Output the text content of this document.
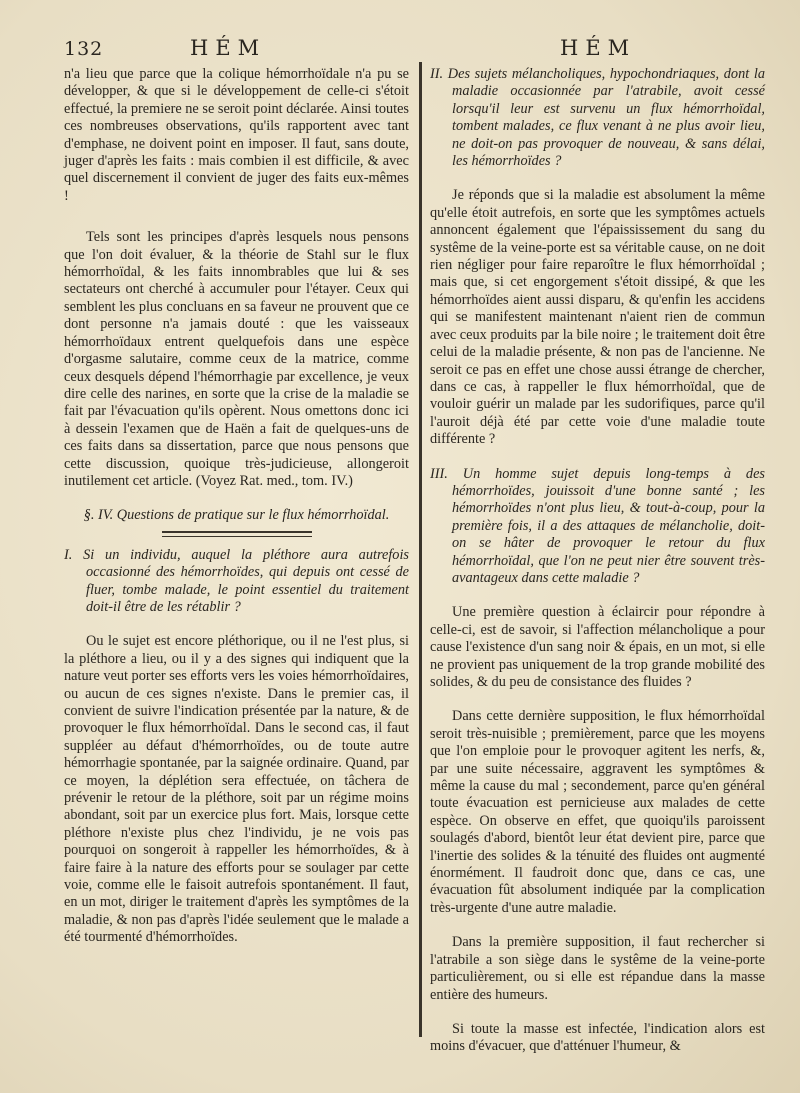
132	HÉM	HÉM

n'a lieu que parce que la colique hémorrhoïdale n'a pu se développer, & que si le développement de celle-ci s'étoit effectué, la premiere ne se seroit point déclarée. Ainsi toutes ces nombreuses observations, qu'ils rapportent avec tant d'emphase, ne doivent point en imposer. Il faut, sans doute, juger d'après les faits : mais combien il est difficile, & avec quel discernement il convient de juger des faits eux-mêmes !

Tels sont les principes d'après lesquels nous pensons que l'on doit évaluer, & la théorie de Stahl sur le flux hémorrhoïdal, & les faits innombrables que lui & ses sectateurs ont cherché à accumuler pour l'étayer. Ceux qui semblent les plus concluans en sa faveur ne prouvent que ce dont personne n'a jamais douté : que les vaisseaux hémorrhoïdaux entrent quelquefois dans une espèce d'orgasme salutaire, comme ceux de la matrice, comme ceux desquels dépend l'hémorrhagie par excellence, je veux dire celle des narines, en sorte que la crise de la maladie se fait par l'évacuation qu'ils opèrent. Nous omettons donc ici à dessein l'examen que de Haën a fait de quelques-uns de ces faits dans sa dissertation, parce que nous pensons que cette discussion, quoique très-judicieuse, allongeroit inutilement cet article. (Voyez Rat. med., tom. IV.)

§. IV. Questions de pratique sur le flux hémorrhoïdal.

I. Si un individu, auquel la pléthore aura autrefois occasionné des hémorrhoïdes, qui depuis ont cessé de fluer, tombe malade, le point essentiel du traitement doit-il être de les rétablir ?

Ou le sujet est encore pléthorique, ou il ne l'est plus, si la pléthore a lieu, ou il y a des signes qui indiquent que la nature veut porter ses efforts vers les voies hémorrhoïdaires, ou aucun de ces signes n'existe. Dans le premier cas, il convient de suivre l'indication présentée par la nature, & de provoquer le flux hémorrhoïdal. Dans le second cas, il faut suppléer au défaut d'hémorrhoïdes, ou de toute autre hémorrhagie spontanée, par la saignée ordinaire. Quand, par ce moyen, la déplétion sera effectuée, on tâchera de prévenir le retour de la pléthore, soit par un régime moins abondant, soit par un exercice plus fort. Mais, lorsque cette pléthore n'existe plus chez l'individu, je ne vois pas pourquoi on songeroit à rappeller les hémorrhoïdes, & à faire faire à la nature des efforts pour se soulager par cette voie, comme elle le faisoit autrefois spontanément. Il faut, en un mot, diriger le traitement d'après les symptômes de la maladie, & non pas d'après l'idée seulement que le malade a été tourmenté d'hémorrhoïdes.

II. Des sujets mélancholiques, hypochondriaques, dont la maladie occasionnée par l'atrabile, avoit cessé lorsqu'il leur est survenu un flux hémorrhoïdal, tombent malades, ce flux venant à ne plus avoir lieu, ne doit-on pas provoquer de nouveau, & sans délai, les hémorrhoïdes ?

Je réponds que si la maladie est absolument la même qu'elle étoit autrefois, en sorte que les symptômes actuels annoncent également que l'épaississement du sang du systême de la veine-porte est sa véritable cause, on ne doit rien négliger pour faire reparoître le flux hémorrhoïdal ; mais que, si cet engorgement s'étoit dissipé, & que les hémorrhoïdes aient aussi disparu, & qu'enfin les accidens qui se manifestent maintenant n'aient rien de commun avec ceux produits par la bile noire ; le traitement doit être celui de la maladie présente, & non pas de l'ancienne. Ne seroit ce pas en effet une chose aussi étrange de chercher, dans ce cas, à rappeller le flux hémorrhoïdal, que de vouloir guérir un malade par les sudorifiques, parce qu'il l'auroit déjà été par cette voie d'une maladie toute différente ?

III. Un homme sujet depuis long-temps à des hémorrhoïdes, jouissoit d'une bonne santé ; les hémorrhoïdes n'ont plus lieu, & tout-à-coup, pour la première fois, il a des attaques de mélancholie, doit-on se hâter de provoquer le retour du flux hémorrhoïdal, que l'on ne peut nier être souvent très-avantageux dans cette maladie ?

Une première question à éclaircir pour répondre à celle-ci, est de savoir, si l'affection mélancholique a pour cause l'existence d'un sang noir & épais, en un mot, si elle ne provient pas uniquement de la trop grande mobilité des solides, & du peu de consistance des fluides ?

Dans cette dernière supposition, le flux hémorrhoïdal seroit très-nuisible ; premièrement, parce que les moyens que l'on emploie pour le provoquer agitent les nerfs, &, par une suite nécessaire, aggravent les symptômes & même la cause du mal ; secondement, parce qu'en général toute évacuation est pernicieuse aux malades de cette espèce. On observe en effet, que quoiqu'ils paroissent soulagés d'abord, bientôt leur état devient pire, parce que l'inertie des solides & la ténuité des fluides ont augmenté énormément. Il faudroit donc que, dans ce cas, une évacuation fût absolument indiquée par la complication très-urgente d'une autre maladie.

Dans la première supposition, il faut rechercher si l'atrabile a son siège dans le systême de la veine-porte particulièrement, ou si elle est répandue dans la masse entière des humeurs.

Si toute la masse est infectée, l'indication alors est moins d'évacuer, que d'atténuer l'humeur, &
